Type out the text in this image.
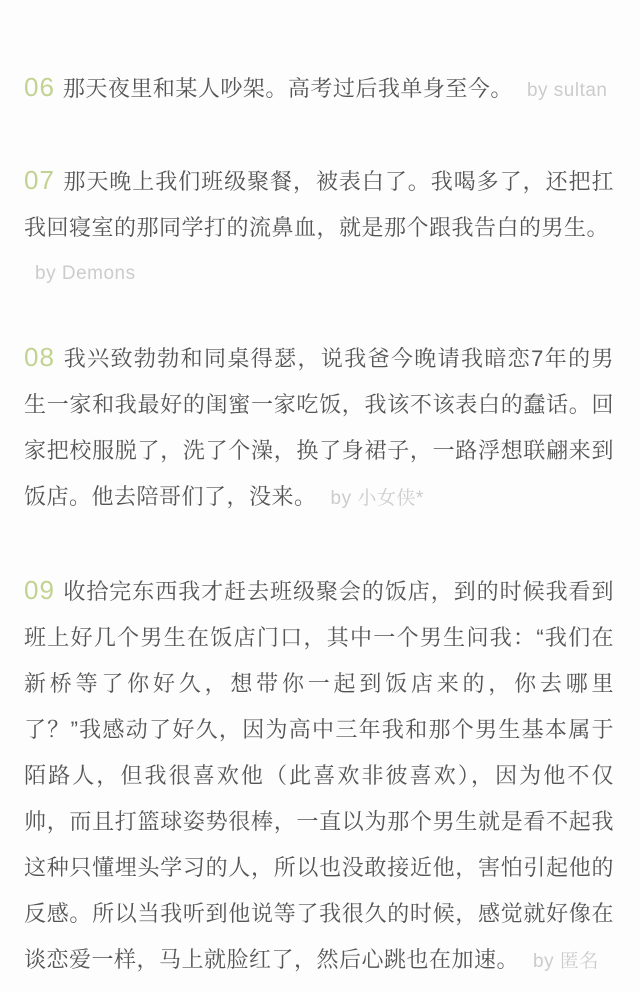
06 那天夜里和某人吵架。高考过后我单身至今。 by sultan
07 那天晚上我们班级聚餐，被表白了。我喝多了，还把扛我回寝室的那同学打的流鼻血，就是那个跟我告白的男生。
by Demons
08 我兴致勃勃和同桌得瑟，说我爸今晚请我暗恋7年的男生一家和我最好的闺蜜一家吃饭，我该不该表白的蠢话。回家把校服脱了，洗了个澡，换了身裙子，一路浮想联翩来到饭店。他去陪哥们了，没来。 by 小女侠*
09 收拾完东西我才赶去班级聚会的饭店，到的时候我看到班上好几个男生在饭店门口，其中一个男生问我：“我们在新桥等了你好久，想带你一起到饭店来的，你去哪里了？”我感动了好久，因为高中三年我和那个男生基本属于陌路人，但我很喜欢他（此喜欢非彼喜欢），因为他不仅帅，而且打篮球姿势很棒，一直以为那个男生就是看不起我这种只懂埋头学习的人，所以也没敢接近他，害怕引起他的反感。所以当我听到他说等了我很久的时候，感觉就好像在谈恋爱一样，马上就脸红了，然后心跳也在加速。 by 匿名
